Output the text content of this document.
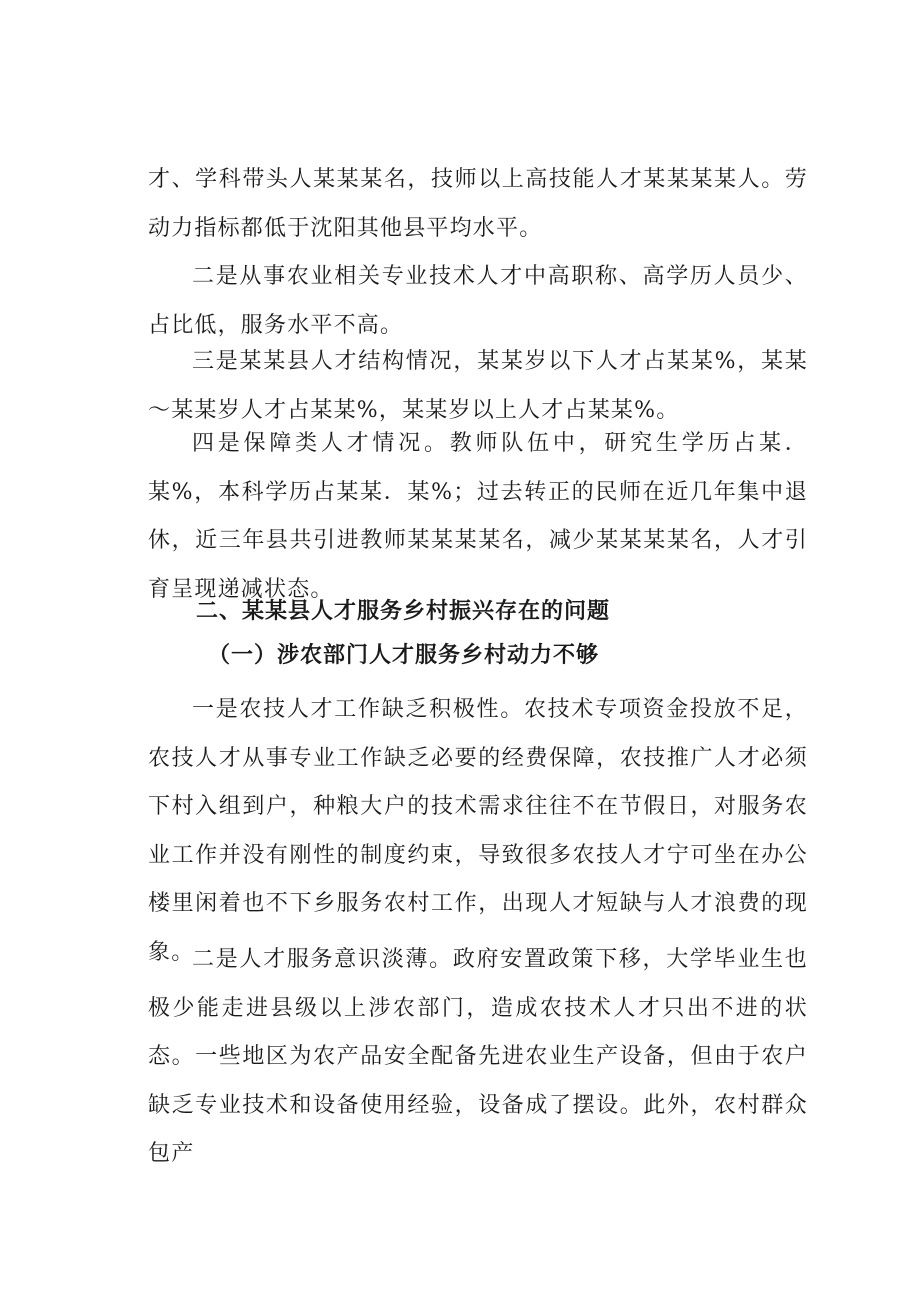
才、学科带头人某某某名，技师以上高技能人才某某某某人。劳动力指标都低于沈阳其他县平均水平。

二是从事农业相关专业技术人才中高职称、高学历人员少、占比低，服务水平不高。

三是某某县人才结构情况，某某岁以下人才占某某%，某某～某某岁人才占某某%，某某岁以上人才占某某%。

四是保障类人才情况。教师队伍中，研究生学历占某．某%，本科学历占某某．某%；过去转正的民师在近几年集中退休，近三年县共引进教师某某某某名，减少某某某某名，人才引育呈现递减状态。

二、某某县人才服务乡村振兴存在的问题
（一）涉农部门人才服务乡村动力不够

一是农技人才工作缺乏积极性。农技术专项资金投放不足，农技人才从事专业工作缺乏必要的经费保障，农技推广人才必须下村入组到户，种粮大户的技术需求往往不在节假日，对服务农业工作并没有刚性的制度约束，导致很多农技人才宁可坐在办公楼里闲着也不下乡服务农村工作，出现人才短缺与人才浪费的现象。

二是人才服务意识淡薄。政府安置政策下移，大学毕业生也极少能走进县级以上涉农部门，造成农技术人才只出不进的状态。一些地区为农产品安全配备先进农业生产设备，但由于农户缺乏专业技术和设备使用经验，设备成了摆设。此外，农村群众包产
